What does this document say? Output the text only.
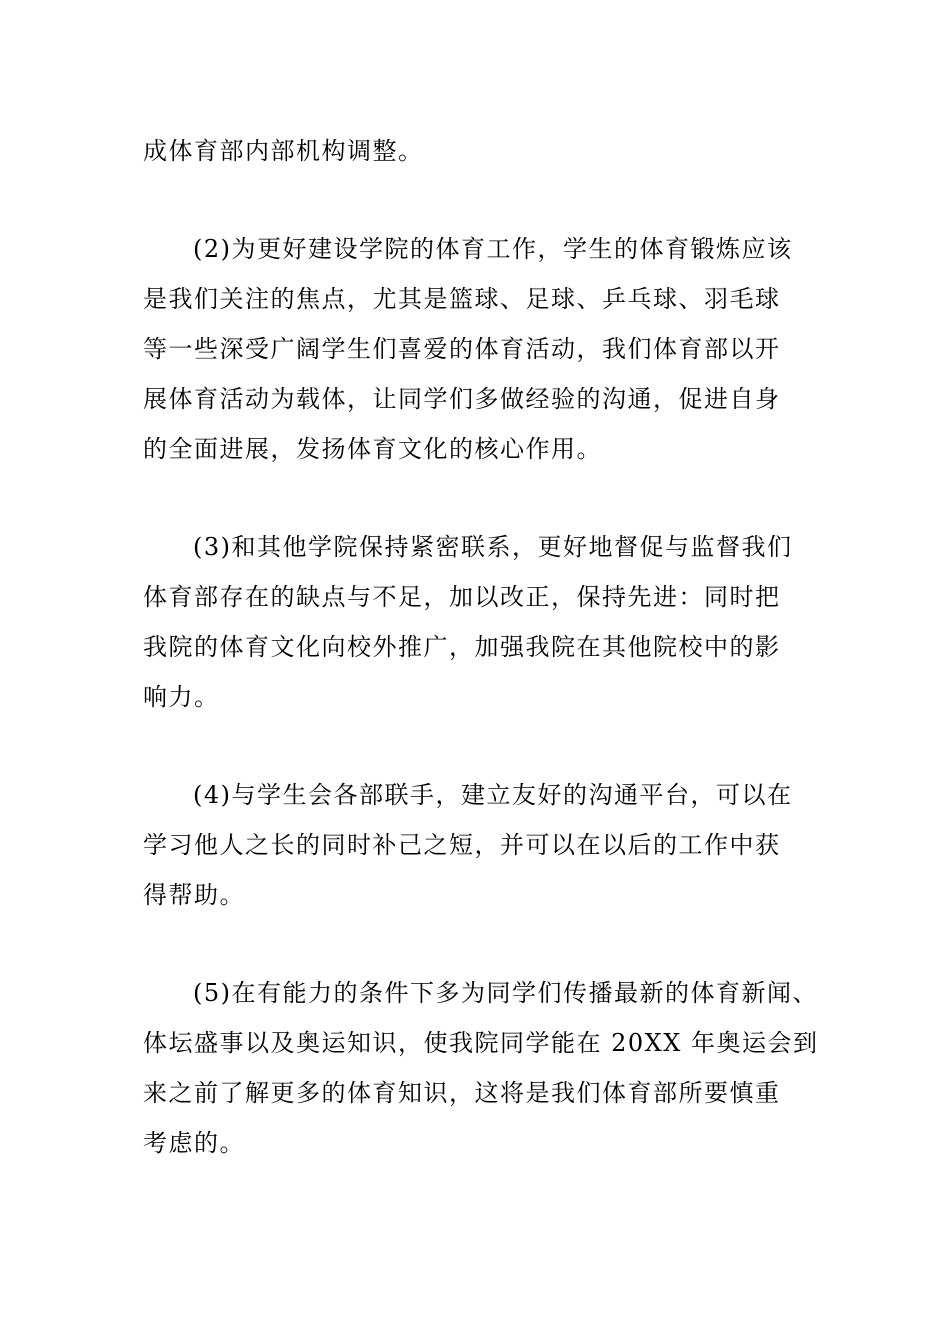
成体育部内部机构调整。
(2)为更好建设学院的体育工作，学生的体育锻炼应该
是我们关注的焦点，尤其是篮球、足球、乒乓球、羽毛球
等一些深受广阔学生们喜爱的体育活动，我们体育部以开
展体育活动为载体，让同学们多做经验的沟通，促进自身
的全面进展，发扬体育文化的核心作用。
(3)和其他学院保持紧密联系，更好地督促与监督我们
体育部存在的缺点与不足，加以改正，保持先进：同时把
我院的体育文化向校外推广，加强我院在其他院校中的影
响力。
(4)与学生会各部联手，建立友好的沟通平台，可以在
学习他人之长的同时补己之短，并可以在以后的工作中获
得帮助。
(5)在有能力的条件下多为同学们传播最新的体育新闻、
体坛盛事以及奥运知识，使我院同学能在 20XX 年奥运会到
来之前了解更多的体育知识，这将是我们体育部所要慎重
考虑的。
